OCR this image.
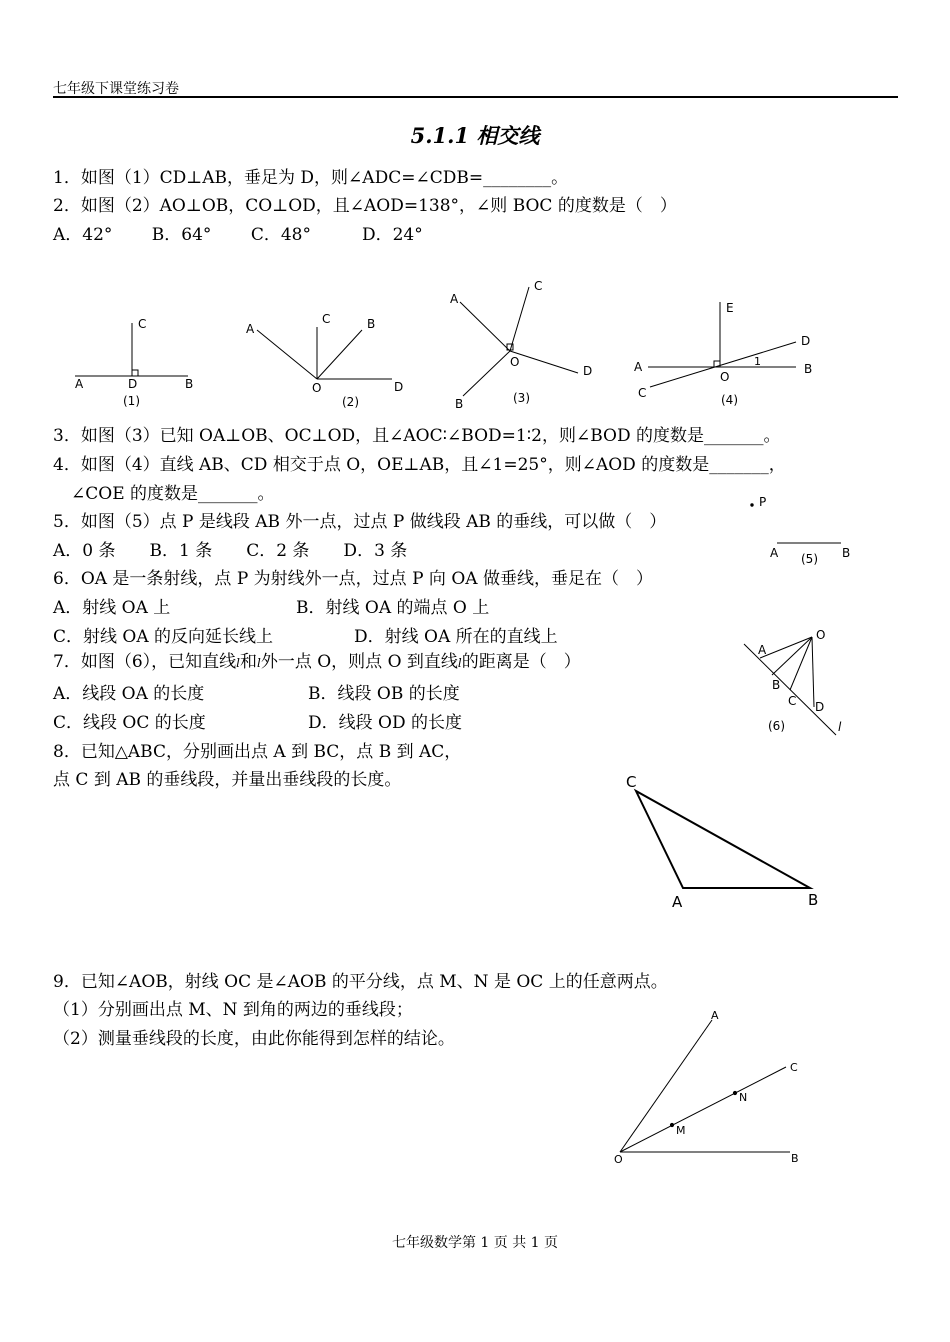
七年级下课堂练习卷
5.1.1 相交线
1．如图（1）CD⊥AB，垂足为 D，则∠ADC=∠CDB=________。
2．如图（2）AO⊥OB，CO⊥OD，且∠AOD=138°，∠则 BOC 的度数是（　）
A．42°　　 B．64°　　 C．48°　　　D．24°
3．如图（3）已知 OA⊥OB、OC⊥OD，且∠AOC∶∠BOD=1∶2，则∠BOD 的度数是_______。
4．如图（4）直线 AB、CD 相交于点 O，OE⊥AB，且∠1=25°，则∠AOD 的度数是_______，
∠COE 的度数是_______。
5．如图（5）点 P 是线段 AB 外一点，过点 P 做线段 AB 的垂线，可以做（　）
A．0 条　　B．1 条　　C．2 条　　D．3 条
6．OA 是一条射线，点 P 为射线外一点，过点 P 向 OA 做垂线，垂足在（　）
A．射线 OA 上	B．射线 OA 的端点 O 上
C．射线 OA 的反向延长线上	D．射线 OA 所在的直线上
7．如图（6），已知直线l和l外一点 O，则点 O 到直线l的距离是（　）
A．线段 OA 的长度	B．线段 OB 的长度
C．线段 OC 的长度	D．线段 OD 的长度
8．已知△ABC，分别画出点 A 到 BC，点 B 到 AC，
点 C 到 AB 的垂线段，并量出垂线段的长度。
9．已知∠AOB，射线 OC 是∠AOB 的平分线，点 M、N 是 OC 上的任意两点。
（1）分别画出点 M、N 到角的两边的垂线段；
（2）测量垂线段的长度，由此你能得到怎样的结论。
A	B
C
D
(1)
A	B
C
D
O
(2)
A
B
C
D
O
(3)
A	B
C
D
E
O
1
(4)
P
A	B
(5)
O
A
B
C D
l
(6)
C
A	B
A
C
B
O
M
N
七年级数学第 1 页 共 1 页
